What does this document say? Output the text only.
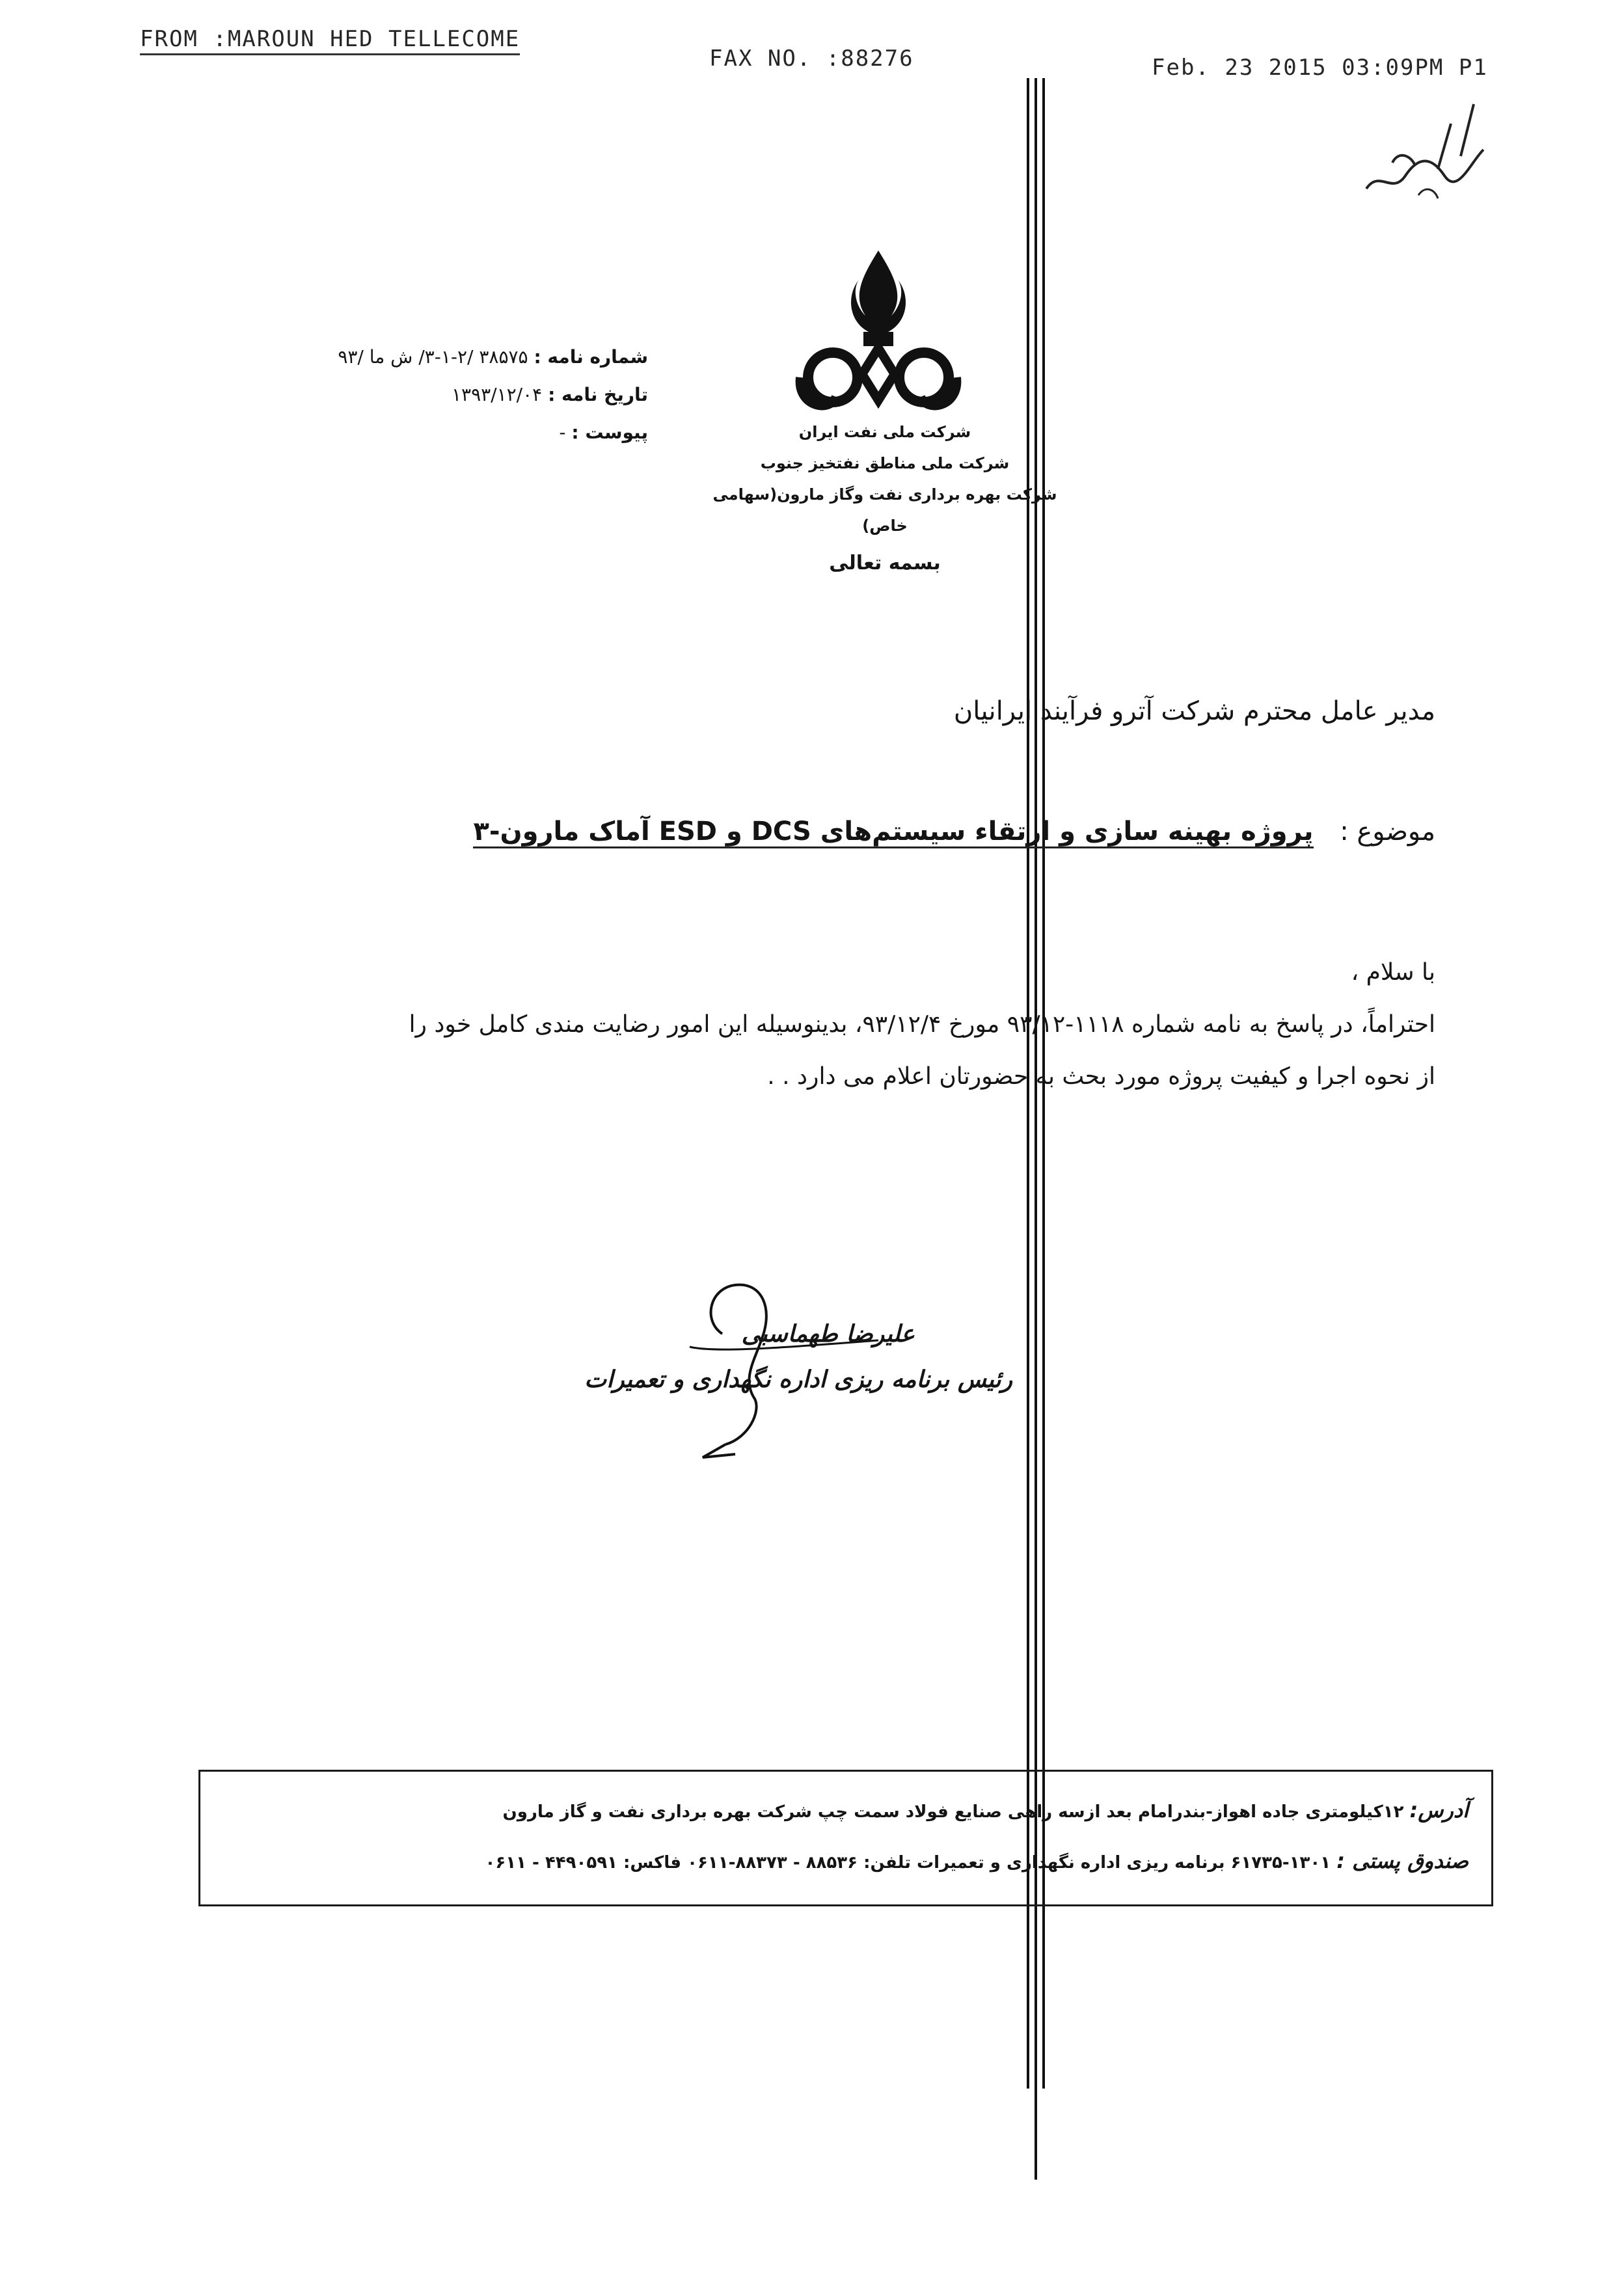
FROM :MAROUN HED TELLECOME
FAX NO. :88276	Feb. 23 2015 03:09PM P1
شماره نامه : ۳۸۵۷۵ /۲-۱-۳/ ش ما /۹۳
تاریخ نامه : ۱۳۹۳/۱۲/۰۴
پیوست : -	شرکت ملی نفت ایران
شرکت ملی مناطق نفتخیز جنوب
شرکت بهره برداری نفت وگاز مارون(سهامی خاص)
بسمه تعالی
مدیر عامل محترم شرکت آترو فرآیند ایرانیان
موضوع : پروژه بهینه سازی و ارتقاء سیستم‌های DCS و ESD آماک مارون-۳

با سلام ،

احتراماً، در پاسخ به نامه شماره ۱۱۱۸-۹۳/۱۲ مورخ ۹۳/۱۲/۴، بدینوسیله این امور رضایت مندی کامل خود را

از نحوه اجرا و کیفیت پروژه مورد بحث به حضورتان اعلام می دارد . .

علیرضا طهماسبی
رئیس برنامه ریزی اداره نگهداری و تعمیرات
آدرس: ۱۲کیلومتری جاده اهواز-بندرامام بعد ازسه راهی صنایع فولاد سمت چپ شرکت بهره برداری نفت و گاز مارون
صندوق پستی : ۱۳۰۱-۶۱۷۳۵ برنامه ریزی اداره نگهداری و تعمیرات تلفن: ۸۸۵۳۶ - ۸۸۳۷۳-۰۶۱۱ فاکس: ۴۴۹۰۵۹۱ - ۰۶۱۱
